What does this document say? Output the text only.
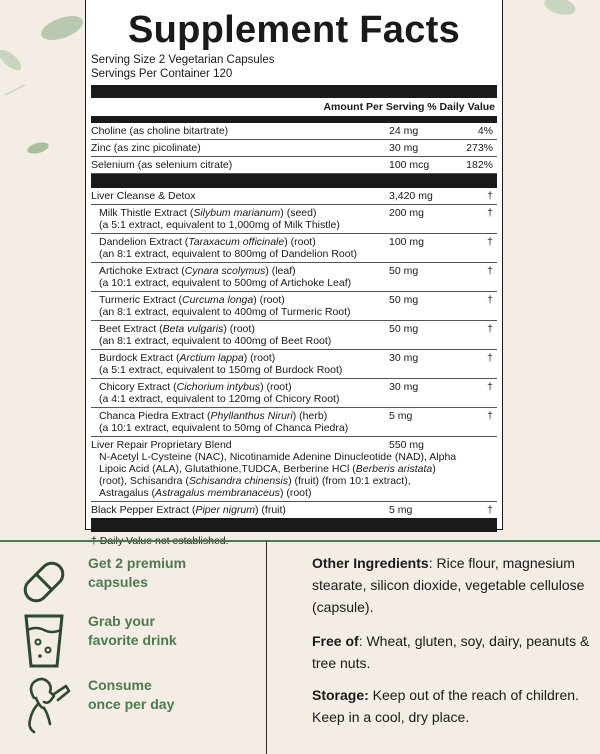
Supplement Facts
Serving Size 2 Vegetarian Capsules
Servings Per Container 120
Amount Per Serving
% Daily Value
Choline (as choline bitartrate)	24 mg	4%
Zinc (as zinc picolinate)	30 mg	273%
Selenium (as selenium citrate)	100 mcg	182%
Liver Cleanse & Detox	3,420 mg	†
Milk Thistle Extract (Silybum marianum) (seed)	200 mg	†
(a 5:1 extract, equivalent to 1,000mg of Milk Thistle)
Dandelion Extract (Taraxacum officinale) (root)	100 mg	†
(an 8:1 extract, equivalent to 800mg of Dandelion Root)
Artichoke Extract (Cynara scolymus) (leaf)	50 mg	†
(a 10:1 extract, equivalent to 500mg of Artichoke Leaf)
Turmeric Extract (Curcuma longa) (root)	50 mg	†
(an 8:1 extract, equivalent to 400mg of Turmeric Root)
Beet Extract (Beta vulgaris) (root)	50 mg	†
(an 8:1 extract, equivalent to 400mg of Beet Root)
Burdock Extract (Arctium lappa) (root)	30 mg	†
(a 5:1 extract, equivalent to 150mg of Burdock Root)
Chicory Extract (Cichorium intybus) (root)	30 mg	†
(a 4:1 extract, equivalent to 120mg of Chicory Root)
Chanca Piedra Extract (Phyllanthus Niruri) (herb)	5 mg	†
(a 10:1 extract, equivalent to 50mg of Chanca Piedra)
Liver Repair Proprietary Blend	550 mg
N-Acetyl L-Cysteine (NAC), Nicotinamide Adenine Dinucleotide (NAD), Alpha
Lipoic Acid (ALA), Glutathione,TUDCA, Berberine HCl (Berberis aristata)
(root), Schisandra (Schisandra chinensis) (fruit) (from 10:1 extract),
Astragalus (Astragalus membranaceus) (root)
Black Pepper Extract (Piper nigrum) (fruit)	5 mg	†
Get 2 premium
capsules
Grab your
favorite drink
Consume
once per day
Other Ingredients: Rice flour, magnesium stearate, silicon dioxide, vegetable cellulose (capsule).
Free of: Wheat, gluten, soy, dairy, peanuts & tree nuts.
Storage: Keep out of the reach of children. Keep in a cool, dry place.
